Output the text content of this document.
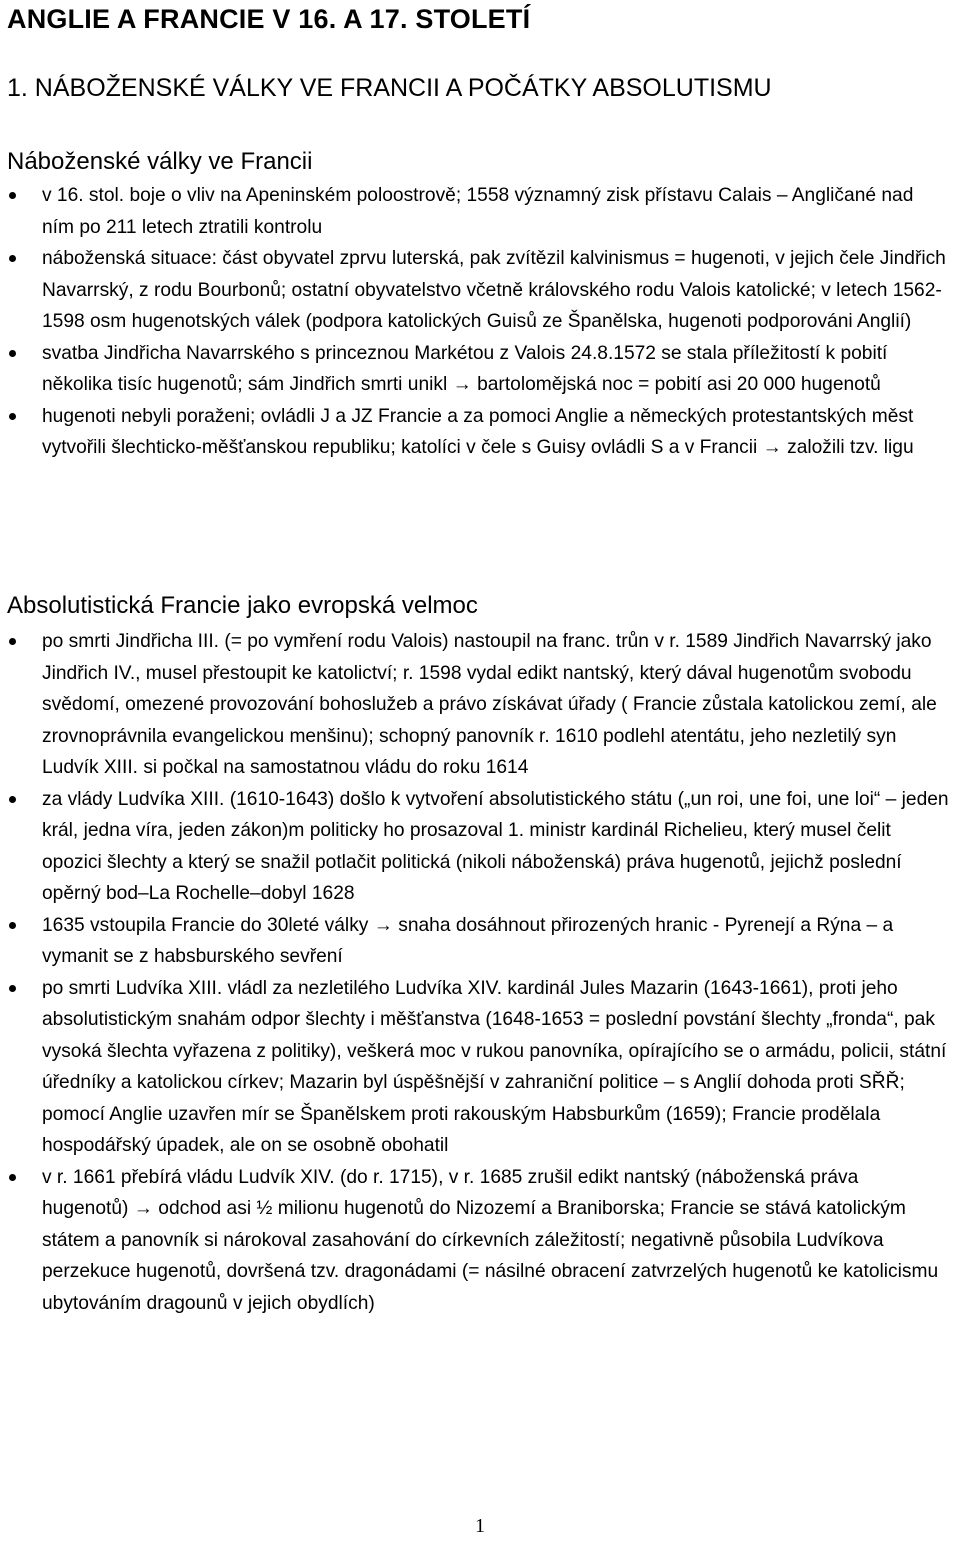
ANGLIE A FRANCIE V 16. A 17. STOLETÍ
1. NÁBOŽENSKÉ VÁLKY VE FRANCII A POČÁTKY ABSOLUTISMU
Náboženské války ve Francii
v 16. stol. boje o vliv na Apeninském poloostrově; 1558 významný zisk přístavu Calais – Angličané nad ním po 211 letech ztratili kontrolu
náboženská situace: část obyvatel zprvu luterská, pak zvítězil kalvinismus = hugenoti, v jejich čele Jindřich Navarrský, z rodu Bourbonů; ostatní obyvatelstvo včetně královského rodu Valois katolické; v letech 1562-1598 osm hugenotských válek (podpora katolických Guisů ze Španělska, hugenoti podporováni Anglií)
svatba Jindřicha Navarrského s princeznou Markétou z Valois 24.8.1572 se stala příležitostí k pobití několika tisíc hugenotů; sám Jindřich smrti unikl → bartolomějská noc = pobití asi 20 000 hugenotů
hugenoti nebyli poraženi; ovládli J a JZ Francie a za pomoci Anglie a německých protestantských měst vytvořili šlechticko-měšťanskou republiku; katolíci v čele s Guisy ovládli S a v Francii → založili tzv. ligu
Absolutistická Francie jako evropská velmoc
po smrti Jindřicha III. (= po vymření rodu Valois) nastoupil na franc. trůn v r. 1589 Jindřich Navarrský jako Jindřich IV., musel přestoupit ke katolictví; r. 1598 vydal edikt nantský, který dával hugenotům svobodu svědomí, omezené provozování bohoslužeb a právo získávat úřady ( Francie zůstala katolickou zemí, ale zrovnoprávnila evangelickou menšinu); schopný panovník r. 1610 podlehl atentátu, jeho nezletilý syn Ludvík XIII. si počkal na samostatnou vládu do roku 1614
za vlády Ludvíka XIII. (1610-1643) došlo k vytvoření absolutistického státu („un roi, une foi, une loi“ – jeden král, jedna víra, jeden zákon)m politicky ho prosazoval 1. ministr kardinál Richelieu, který musel čelit opozici šlechty a který se snažil potlačit politická (nikoli náboženská) práva hugenotů, jejichž poslední opěrný bod–La Rochelle–dobyl 1628
1635 vstoupila Francie do 30leté války → snaha dosáhnout přirozených hranic - Pyrenejí a Rýna – a vymanit se z habsburského sevření
po smrti Ludvíka XIII. vládl za nezletilého Ludvíka XIV. kardinál Jules Mazarin (1643-1661), proti jeho absolutistickým snahám odpor šlechty i měšťanstva (1648-1653 = poslední povstání šlechty „fronda“, pak vysoká šlechta vyřazena z politiky), veškerá moc v rukou panovníka, opírajícího se o armádu, policii, státní úředníky a katolickou církev; Mazarin byl úspěšnější v zahraniční politice – s Anglií dohoda proti SŘŘ; pomocí Anglie uzavřen mír se Španělskem proti rakouským Habsburkům (1659); Francie prodělala hospodářský úpadek, ale on se osobně obohatil
v r. 1661 přebírá vládu Ludvík XIV. (do r. 1715), v r. 1685 zrušil edikt nantský (náboženská práva hugenotů) → odchod asi ½ milionu hugenotů do Nizozemí a Braniborska; Francie se stává katolickým státem a panovník si nárokoval zasahování do církevních záležitostí; negativně působila Ludvíkova perzekuce hugenotů, dovršená tzv. dragonádami (= násilné obracení zatvrzelých hugenotů ke katolicismu ubytováním dragounů v jejich obydlích)
1
